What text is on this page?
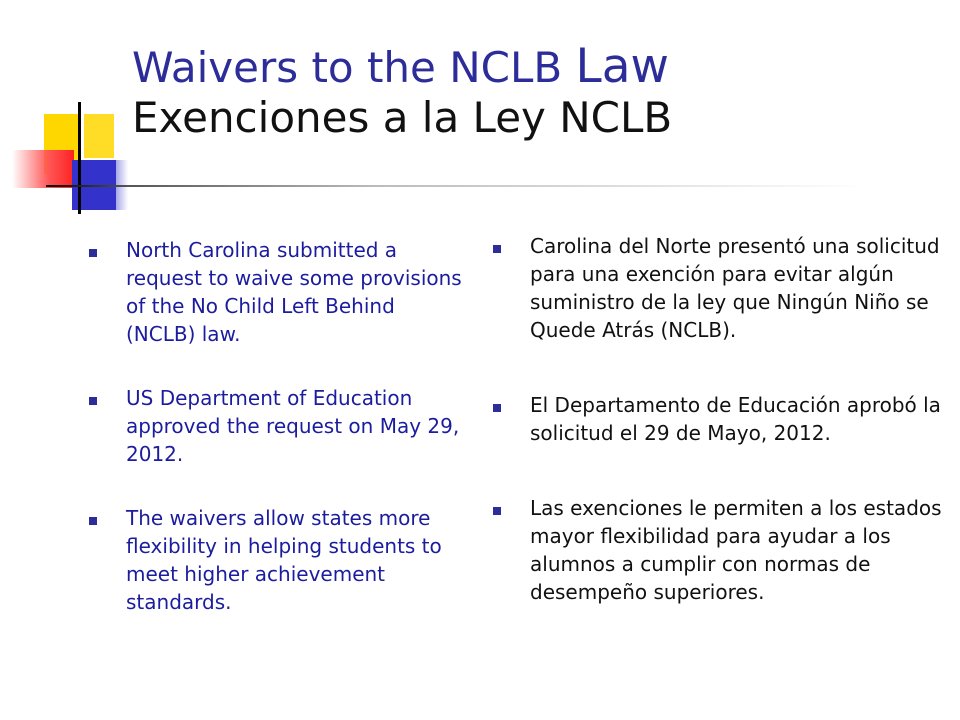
Waivers to the NCLB Law
Exenciones a la Ley NCLB
North Carolina submitted a request to waive some provisions of the No Child Left Behind (NCLB) law.
US Department of Education approved the request on May 29, 2012.
The waivers allow states more flexibility in helping students to meet higher achievement standards.
Carolina del Norte presentó una solicitud para una exención para evitar algún suministro de la ley que Ningún Niño se Quede Atrás (NCLB).
El Departamento de Educación aprobó la solicitud el 29 de Mayo, 2012.
Las exenciones le permiten a los estados mayor flexibilidad para ayudar a los alumnos a cumplir con normas de desempeño superiores.
